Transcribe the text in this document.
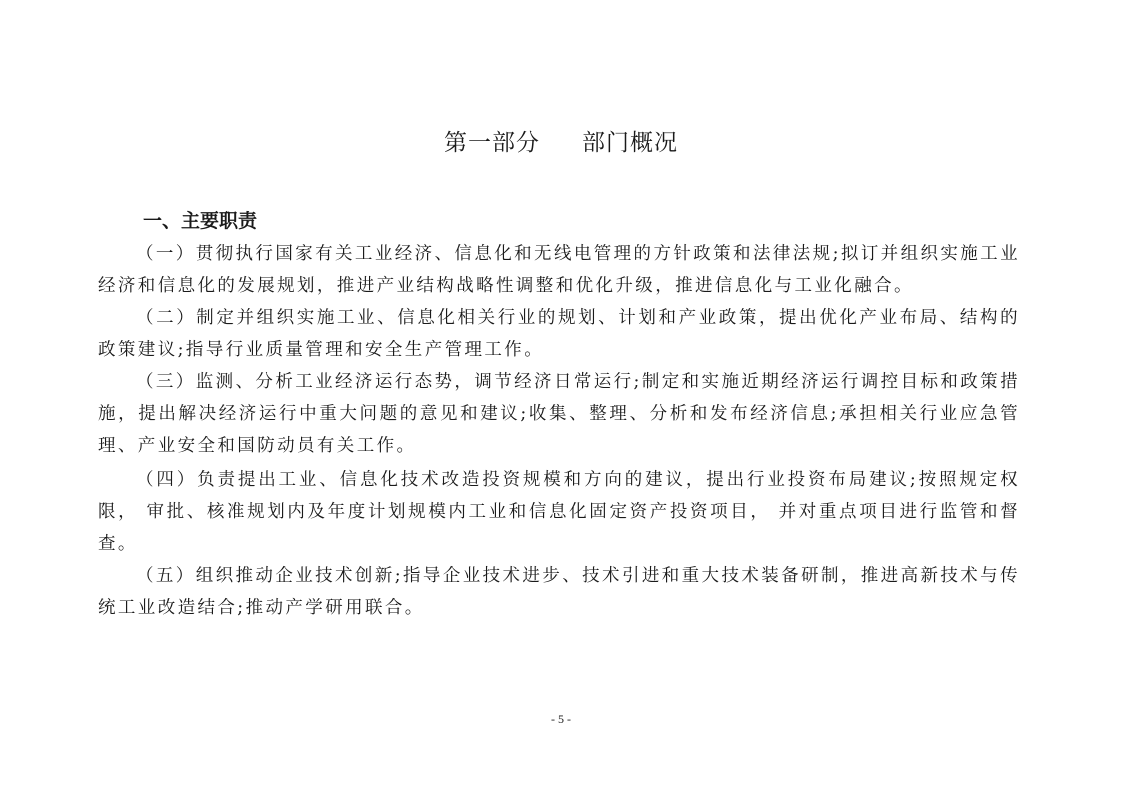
第一部分 部门概况
一、主要职责

（一）贯彻执行国家有关工业经济、信息化和无线电管理的方针政策和法律法规;拟订并组织实施工业经济和信息化的发展规划，推进产业结构战略性调整和优化升级，推进信息化与工业化融合。

（二）制定并组织实施工业、信息化相关行业的规划、计划和产业政策，提出优化产业布局、结构的政策建议;指导行业质量管理和安全生产管理工作。

（三）监测、分析工业经济运行态势，调节经济日常运行;制定和实施近期经济运行调控目标和政策措施，提出解决经济运行中重大问题的意见和建议;收集、整理、分析和发布经济信息;承担相关行业应急管理、产业安全和国防动员有关工作。

（四）负责提出工业、信息化技术改造投资规模和方向的建议，提出行业投资布局建议;按照规定权限， 审批、核准规划内及年度计划规模内工业和信息化固定资产投资项目， 并对重点项目进行监管和督查。

（五）组织推动企业技术创新;指导企业技术进步、技术引进和重大技术装备研制，推进高新技术与传统工业改造结合;推动产学研用联合。

- 5 -
